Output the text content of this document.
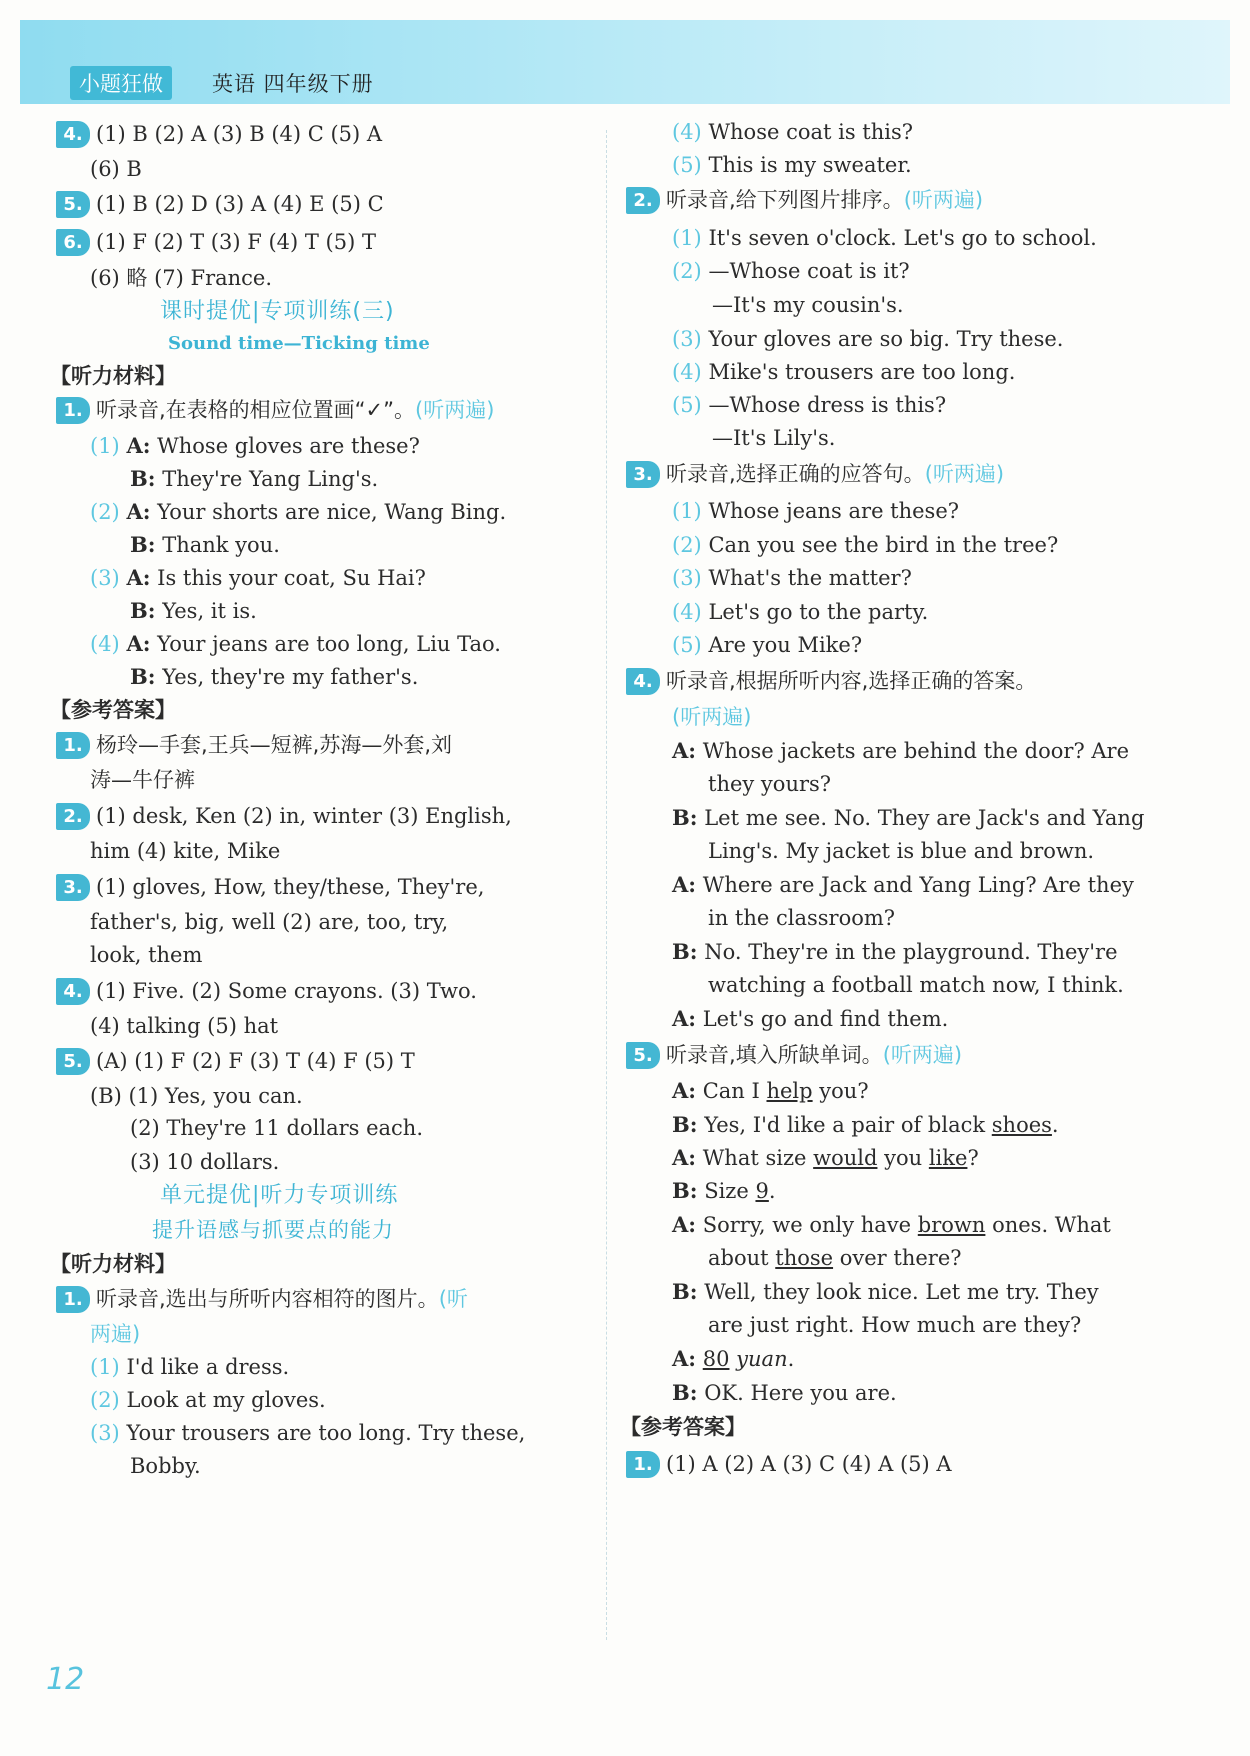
小题狂做	英语 四年级下册
4. (1) B (2) A (3) B (4) C (5) A
(6) B
5. (1) B (2) D (3) A (4) E (5) C
6. (1) F (2) T (3) F (4) T (5) T
(6) 略 (7) France.
课时提优|专项训练(三)
Sound time—Ticking time
【听力材料】
1. 听录音,在表格的相应位置画“✓”。(听两遍)
(1) A: Whose gloves are these?
B: They're Yang Ling's.
(2) A: Your shorts are nice, Wang Bing.
B: Thank you.
(3) A: Is this your coat, Su Hai?
B: Yes, it is.
(4) A: Your jeans are too long, Liu Tao.
B: Yes, they're my father's.
【参考答案】
1. 杨玲—手套,王兵—短裤,苏海—外套,刘
涛—牛仔裤
2. (1) desk, Ken (2) in, winter (3) English,
him (4) kite, Mike
3. (1) gloves, How, they/these, They're,
father's, big, well (2) are, too, try,
look, them
4. (1) Five. (2) Some crayons. (3) Two.
(4) talking (5) hat
5. (A) (1) F (2) F (3) T (4) F (5) T
(B) (1) Yes, you can.
(2) They're 11 dollars each.
(3) 10 dollars.
单元提优|听力专项训练
提升语感与抓要点的能力
【听力材料】
1. 听录音,选出与所听内容相符的图片。(听
两遍)
(1) I'd like a dress.
(2) Look at my gloves.
(3) Your trousers are too long. Try these,
Bobby.
(4) Whose coat is this?
(5) This is my sweater.
2. 听录音,给下列图片排序。(听两遍)
(1) It's seven o'clock. Let's go to school.
(2) —Whose coat is it?
—It's my cousin's.
(3) Your gloves are so big. Try these.
(4) Mike's trousers are too long.
(5) —Whose dress is this?
—It's Lily's.
3. 听录音,选择正确的应答句。(听两遍)
(1) Whose jeans are these?
(2) Can you see the bird in the tree?
(3) What's the matter?
(4) Let's go to the party.
(5) Are you Mike?
4. 听录音,根据所听内容,选择正确的答案。
(听两遍)
A: Whose jackets are behind the door? Are
they yours?
B: Let me see. No. They are Jack's and Yang
Ling's. My jacket is blue and brown.
A: Where are Jack and Yang Ling? Are they
in the classroom?
B: No. They're in the playground. They're
watching a football match now, I think.
A: Let's go and find them.
5. 听录音,填入所缺单词。(听两遍)
A: Can I help you?
B: Yes, I'd like a pair of black shoes.
A: What size would you like?
B: Size 9.
A: Sorry, we only have brown ones. What
about those over there?
B: Well, they look nice. Let me try. They
are just right. How much are they?
A: 80 yuan.
B: OK. Here you are.
【参考答案】
1. (1) A (2) A (3) C (4) A (5) A
12
